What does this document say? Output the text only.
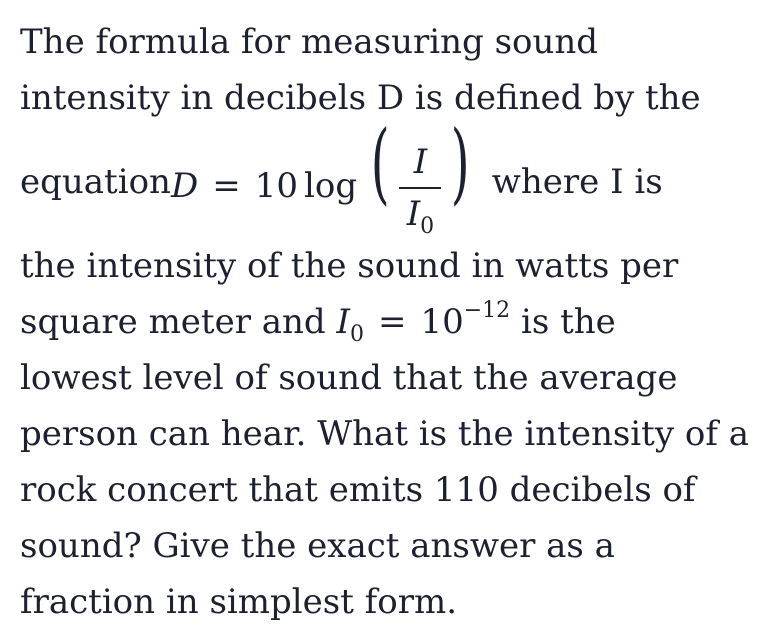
The formula for measuring sound
intensity in decibels D is defined by the
equation D = 10 log ( $\frac{I}{I_0}$ ) where I is
the intensity of the sound in watts per
square meter and $I_0 = 10^{-12}$ is the
lowest level of sound that the average
person can hear. What is the intensity of a
rock concert that emits 110 decibels of
sound? Give the exact answer as a
fraction in simplest form.
